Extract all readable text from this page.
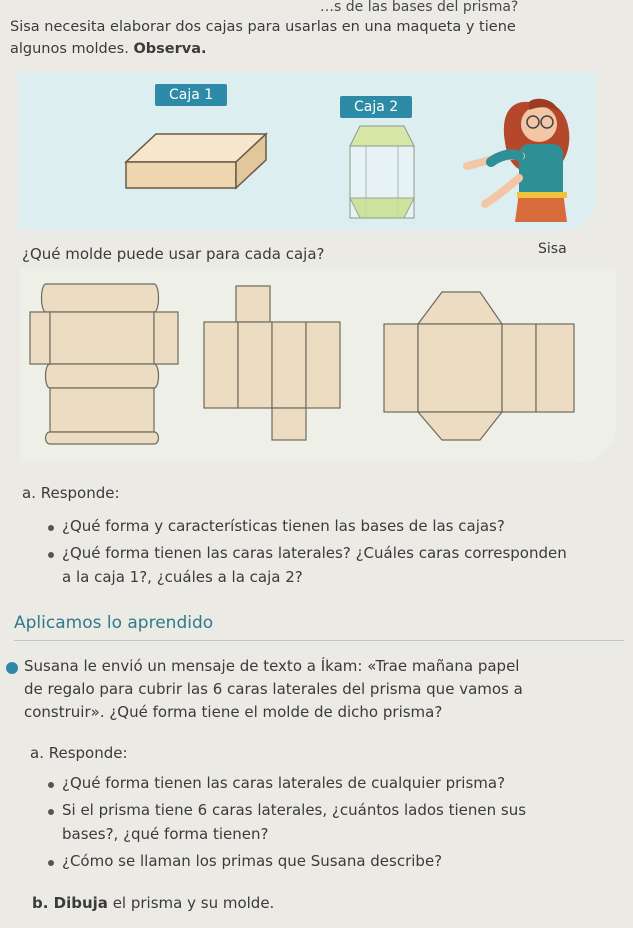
…s de las bases del prisma?
Sisa necesita elaborar dos cajas para usarlas en una maqueta y tiene
algunos moldes. Observa.
Caja 1
Caja 2
¿Qué molde puede usar para cada caja?	Sisa
a. Responde:
¿Qué forma y características tienen las bases de las cajas?
¿Qué forma tienen las caras laterales? ¿Cuáles caras corresponden
a la caja 1?, ¿cuáles a la caja 2?
Aplicamos lo aprendido
Susana le envió un mensaje de texto a Íkam: «Trae mañana papel
de regalo para cubrir las 6 caras laterales del prisma que vamos a
construir». ¿Qué forma tiene el molde de dicho prisma?
a. Responde:
¿Qué forma tienen las caras laterales de cualquier prisma?
Si el prisma tiene 6 caras laterales, ¿cuántos lados tienen sus
bases?, ¿qué forma tienen?
¿Cómo se llaman los primas que Susana describe?
b. Dibuja el prisma y su molde.
